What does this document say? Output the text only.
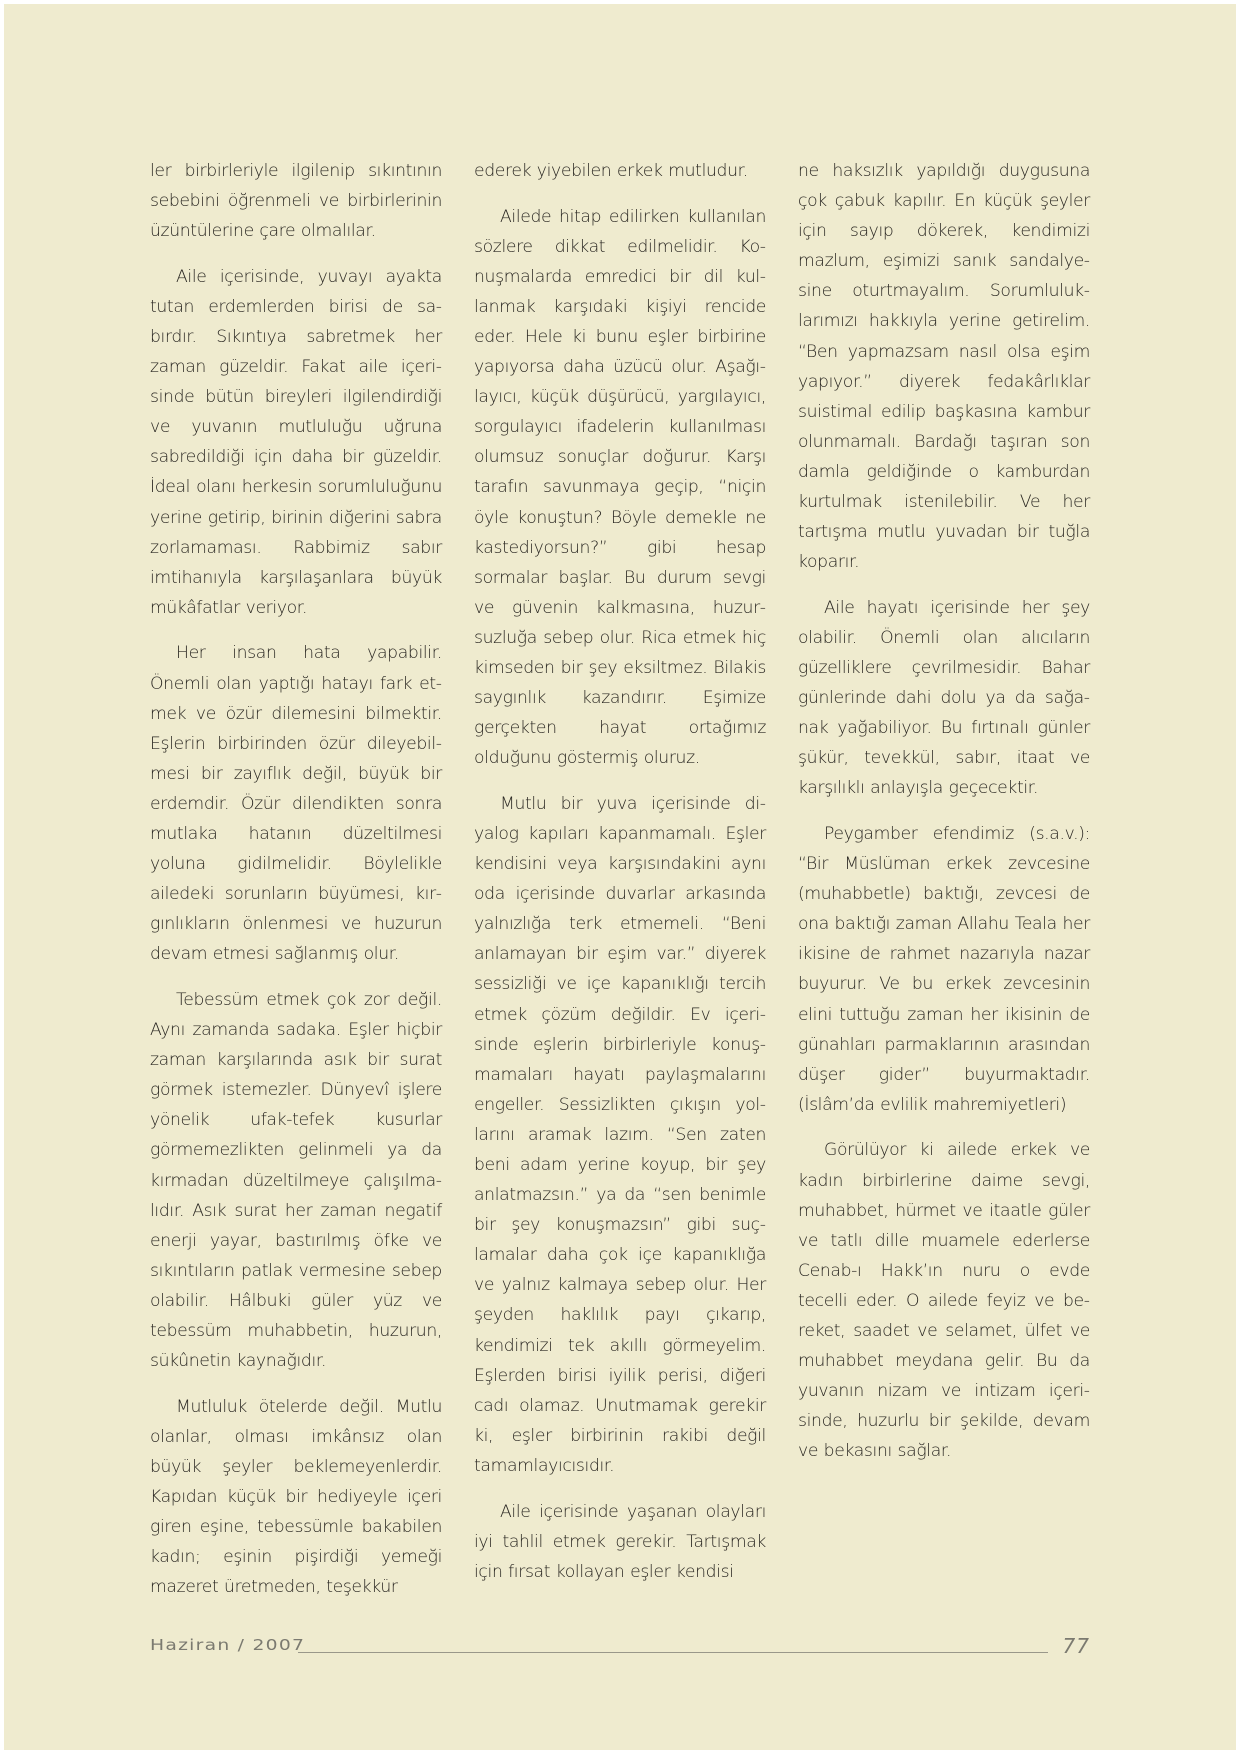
ler birbirleriyle ilgilenip sıkıntının sebebini öğrenmeli ve birbirlerinin üzüntülerine çare olmalılar.

Aile içerisinde, yuvayı ayakta tutan erdemlerden birisi de sabırdır. Sıkıntıya sabretmek her zaman güzeldir. Fakat aile içerisinde bütün bireyleri ilgilendirdiği ve yuvanın mutluluğu uğruna sabredildiği için daha bir güzeldir. İdeal olanı herkesin sorumluluğunu yerine getirip, birinin diğerini sabra zorlamaması. Rabbimiz sabır imtihanıyla karşılaşanlara büyük mükâfatlar veriyor.

Her insan hata yapabilir. Önemli olan yaptığı hatayı fark etmek ve özür dilemesini bilmektir. Eşlerin birbirinden özür dileyebilmesi bir zayıflık değil, büyük bir erdemdir. Özür dilendikten sonra mutlaka hatanın düzeltilmesi yoluna gidilmelidir. Böylelikle ailedeki sorunların büyümesi, kırgınlıkların önlenmesi ve huzurun devam etmesi sağlanmış olur.

Tebessüm etmek çok zor değil. Aynı zamanda sadaka. Eşler hiçbir zaman karşılarında asık bir surat görmek istemezler. Dünyevî işlere yönelik ufak-tefek kusurlar görmemezlikten gelinmeli ya da kırmadan düzeltilmeye çalışılmalıdır. Asık surat her zaman negatif enerji yayar, bastırılmış öfke ve sıkıntıların patlak vermesine sebep olabilir. Hâlbuki güler yüz ve tebessüm muhabbetin, huzurun, sükûnetin kaynağıdır.

Mutluluk ötelerde değil. Mutlu olanlar, olması imkânsız olan büyük şeyler beklemeyenlerdir. Kapıdan küçük bir hediyeyle içeri giren eşine, tebessümle bakabilen kadın; eşinin pişirdiği yemeği mazeret üretmeden, teşekkür

ederek yiyebilen erkek mutludur.

Ailede hitap edilirken kullanılan sözlere dikkat edilmelidir. Konuşmalarda emredici bir dil kullanmak karşıdaki kişiyi rencide eder. Hele ki bunu eşler birbirine yapıyorsa daha üzücü olur. Aşağılayıcı, küçük düşürücü, yargılayıcı, sorgulayıcı ifadelerin kullanılması olumsuz sonuçlar doğurur. Karşı tarafın savunmaya geçip, “niçin öyle konuştun? Böyle demekle ne kastediyorsun?” gibi hesap sormalar başlar. Bu durum sevgi ve güvenin kalkmasına, huzursuzluğa sebep olur. Rica etmek hiç kimseden bir şey eksiltmez. Bilakis saygınlık kazandırır. Eşimize gerçekten hayat ortağımız olduğunu göstermiş oluruz.

Mutlu bir yuva içerisinde diyalog kapıları kapanmamalı. Eşler kendisini veya karşısındakini aynı oda içerisinde duvarlar arkasında yalnızlığa terk etmemeli. “Beni anlamayan bir eşim var.” diyerek sessizliği ve içe kapanıklığı tercih etmek çözüm değildir. Ev içerisinde eşlerin birbirleriyle konuşmamaları hayatı paylaşmalarını engeller. Sessizlikten çıkışın yollarını aramak lazım. “Sen zaten beni adam yerine koyup, bir şey anlatmazsın.” ya da “sen benimle bir şey konuşmazsın” gibi suçlamalar daha çok içe kapanıklığa ve yalnız kalmaya sebep olur. Her şeyden haklılık payı çıkarıp, kendimizi tek akıllı görmeyelim. Eşlerden birisi iyilik perisi, diğeri cadı olamaz. Unutmamak gerekir ki, eşler birbirinin rakibi değil tamamlayıcısıdır.

Aile içerisinde yaşanan olayları iyi tahlil etmek gerekir. Tartışmak için fırsat kollayan eşler kendisi

ne haksızlık yapıldığı duygusuna çok çabuk kapılır. En küçük şeyler için sayıp dökerek, kendimizi mazlum, eşimizi sanık sandalyesine oturtmayalım. Sorumluluklarımızı hakkıyla yerine getirelim. “Ben yapmazsam nasıl olsa eşim yapıyor.” diyerek fedakârlıklar suistimal edilip başkasına kambur olunmamalı. Bardağı taşıran son damla geldiğinde o kamburdan kurtulmak istenilebilir. Ve her tartışma mutlu yuvadan bir tuğla koparır.

Aile hayatı içerisinde her şey olabilir. Önemli olan alıcıların güzelliklere çevrilmesidir. Bahar günlerinde dahi dolu ya da sağanak yağabiliyor. Bu fırtınalı günler şükür, tevekkül, sabır, itaat ve karşılıklı anlayışla geçecektir.

Peygamber efendimiz (s.a.v.): “Bir Müslüman erkek zevcesine (muhabbetle) baktığı, zevcesi de ona baktığı zaman Allahu Teala her ikisine de rahmet nazarıyla nazar buyurur. Ve bu erkek zevcesinin elini tuttuğu zaman her ikisinin de günahları parmaklarının arasından düşer gider” buyurmaktadır. (İslâm’da evlilik mahremiyetleri)

Görülüyor ki ailede erkek ve kadın birbirlerine daime sevgi, muhabbet, hürmet ve itaatle güler ve tatlı dille muamele ederlerse Cenab-ı Hakk’ın nuru o evde tecelli eder. O ailede feyiz ve bereket, saadet ve selamet, ülfet ve muhabbet meydana gelir. Bu da yuvanın nizam ve intizam içerisinde, huzurlu bir şekilde, devam ve bekasını sağlar.

Haziran / 2007	77
